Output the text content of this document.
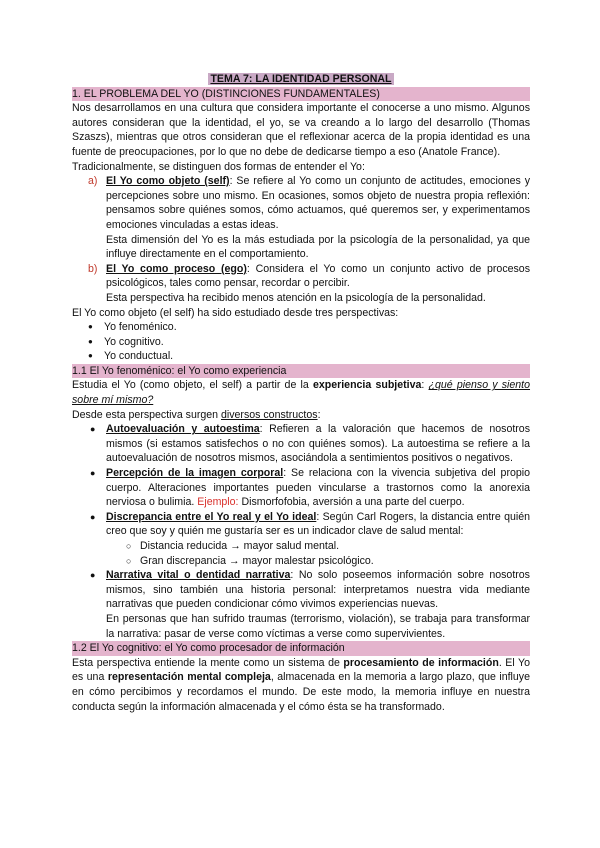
TEMA 7: LA IDENTIDAD PERSONAL

1. EL PROBLEMA DEL YO (DISTINCIONES FUNDAMENTALES)

Nos desarrollamos en una cultura que considera importante el conocerse a uno mismo. Algunos autores consideran que la identidad, el yo, se va creando a lo largo del desarrollo (Thomas Szaszs), mientras que otros consideran que el reflexionar acerca de la propia identidad es una fuente de preocupaciones, por lo que no debe de dedicarse tiempo a eso (Anatole France).

Tradicionalmente, se distinguen dos formas de entender el Yo:

a) El Yo como objeto (self): Se refiere al Yo como un conjunto de actitudes, emociones y percepciones sobre uno mismo. En ocasiones, somos objeto de nuestra propia reflexión: pensamos sobre quiénes somos, cómo actuamos, qué queremos ser, y experimentamos emociones vinculadas a estas ideas.

Esta dimensión del Yo es la más estudiada por la psicología de la personalidad, ya que influye directamente en el comportamiento.

b) El Yo como proceso (ego): Considera el Yo como un conjunto activo de procesos psicológicos, tales como pensar, recordar o percibir.

Esta perspectiva ha recibido menos atención en la psicología de la personalidad.

El Yo como objeto (el self) ha sido estudiado desde tres perspectivas:

● Yo fenoménico.
● Yo cognitivo.
● Yo conductual.

1.1 El Yo fenoménico: el Yo como experiencia

Estudia el Yo (como objeto, el self) a partir de la experiencia subjetiva: ¿qué pienso y siento sobre mí mismo?

Desde esta perspectiva surgen diversos constructos:

● Autoevaluación y autoestima: Refieren a la valoración que hacemos de nosotros mismos (si estamos satisfechos o no con quiénes somos). La autoestima se refiere a la autoevaluación de nosotros mismos, asociándola a sentimientos positivos o negativos.
● Percepción de la imagen corporal: Se relaciona con la vivencia subjetiva del propio cuerpo. Alteraciones importantes pueden vincularse a trastornos como la anorexia nerviosa o bulimia. Ejemplo: Dismorfofobia, aversión a una parte del cuerpo.
● Discrepancia entre el Yo real y el Yo ideal: Según Carl Rogers, la distancia entre quién creo que soy y quién me gustaría ser es un indicador clave de salud mental:
○ Distancia reducida → mayor salud mental.
○ Gran discrepancia → mayor malestar psicológico.
● Narrativa vital o dentidad narrativa: No solo poseemos información sobre nosotros mismos, sino también una historia personal: interpretamos nuestra vida mediante narrativas que pueden condicionar cómo vivimos experiencias nuevas.

En personas que han sufrido traumas (terrorismo, violación), se trabaja para transformar la narrativa: pasar de verse como víctimas a verse como supervivientes.

1.2 El Yo cognitivo: el Yo como procesador de información

Esta perspectiva entiende la mente como un sistema de procesamiento de información. El Yo es una representación mental compleja, almacenada en la memoria a largo plazo, que influye en cómo percibimos y recordamos el mundo. De este modo, la memoria influye en nuestra conducta según la información almacenada y el cómo ésta se ha transformado.
